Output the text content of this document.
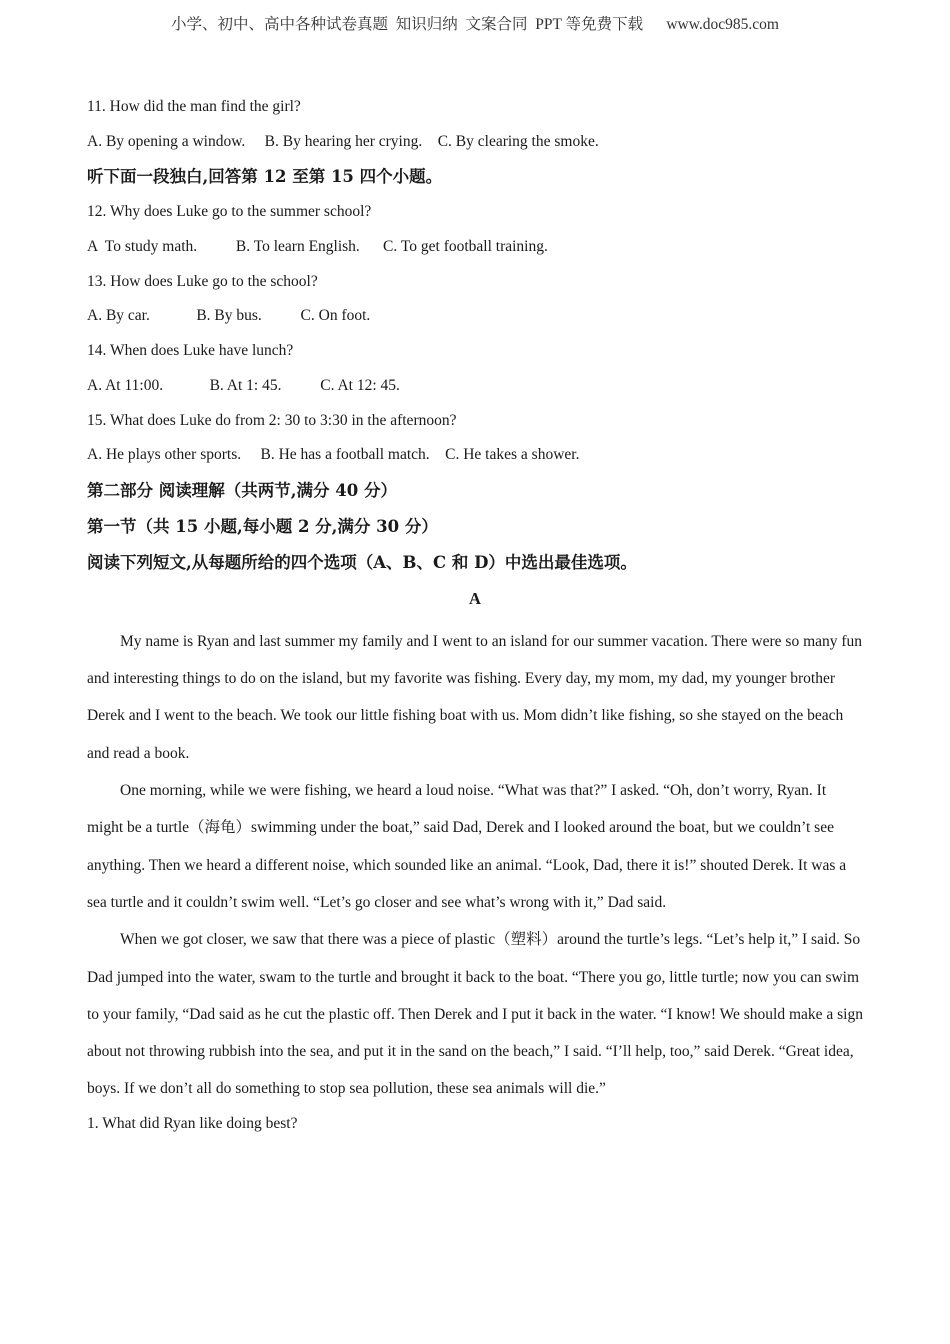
小学、初中、高中各种试卷真题  知识归纳  文案合同  PPT 等免费下载      www.doc985.com
11. How did the man find the girl?
A. By opening a window.     B. By hearing her crying.    C. By clearing the smoke.
听下面一段独白,回答第 12 至第 15 四个小题。
12. Why does Luke go to the summer school?
A  To study math.          B. To learn English.      C. To get football training.
13. How does Luke go to the school?
A. By car.            B. By bus.          C. On foot.
14. When does Luke have lunch?
A. At 11:00.            B. At 1: 45.          C. At 12: 45.
15. What does Luke do from 2: 30 to 3:30 in the afternoon?
A. He plays other sports.     B. He has a football match.    C. He takes a shower.
第二部分 阅读理解（共两节,满分 40 分）
第一节（共 15 小题,每小题 2 分,满分 30 分）
阅读下列短文,从每题所给的四个选项（A、B、C 和 D）中选出最佳选项。
A

My name is Ryan and last summer my family and I went to an island for our summer vacation. There were so many fun and interesting things to do on the island, but my favorite was fishing. Every day, my mom, my dad, my younger brother Derek and I went to the beach. We took our little fishing boat with us. Mom didn’t like fishing, so she stayed on the beach and read a book.

One morning, while we were fishing, we heard a loud noise. “What was that?” I asked. “Oh, don’t worry, Ryan. It might be a turtle（海龟）swimming under the boat,” said Dad, Derek and I looked around the boat, but we couldn’t see anything. Then we heard a different noise, which sounded like an animal. “Look, Dad, there it is!” shouted Derek. It was a sea turtle and it couldn’t swim well. “Let’s go closer and see what’s wrong with it,” Dad said.

When we got closer, we saw that there was a piece of plastic（塑料）around the turtle’s legs. “Let’s help it,” I said. So Dad jumped into the water, swam to the turtle and brought it back to the boat. “There you go, little turtle; now you can swim to your family, “Dad said as he cut the plastic off. Then Derek and I put it back in the water. “I know! We should make a sign about not throwing rubbish into the sea, and put it in the sand on the beach,” I said. “I’ll help, too,” said Derek. “Great idea, boys. If we don’t all do something to stop sea pollution, these sea animals will die.”

1. What did Ryan like doing best?
